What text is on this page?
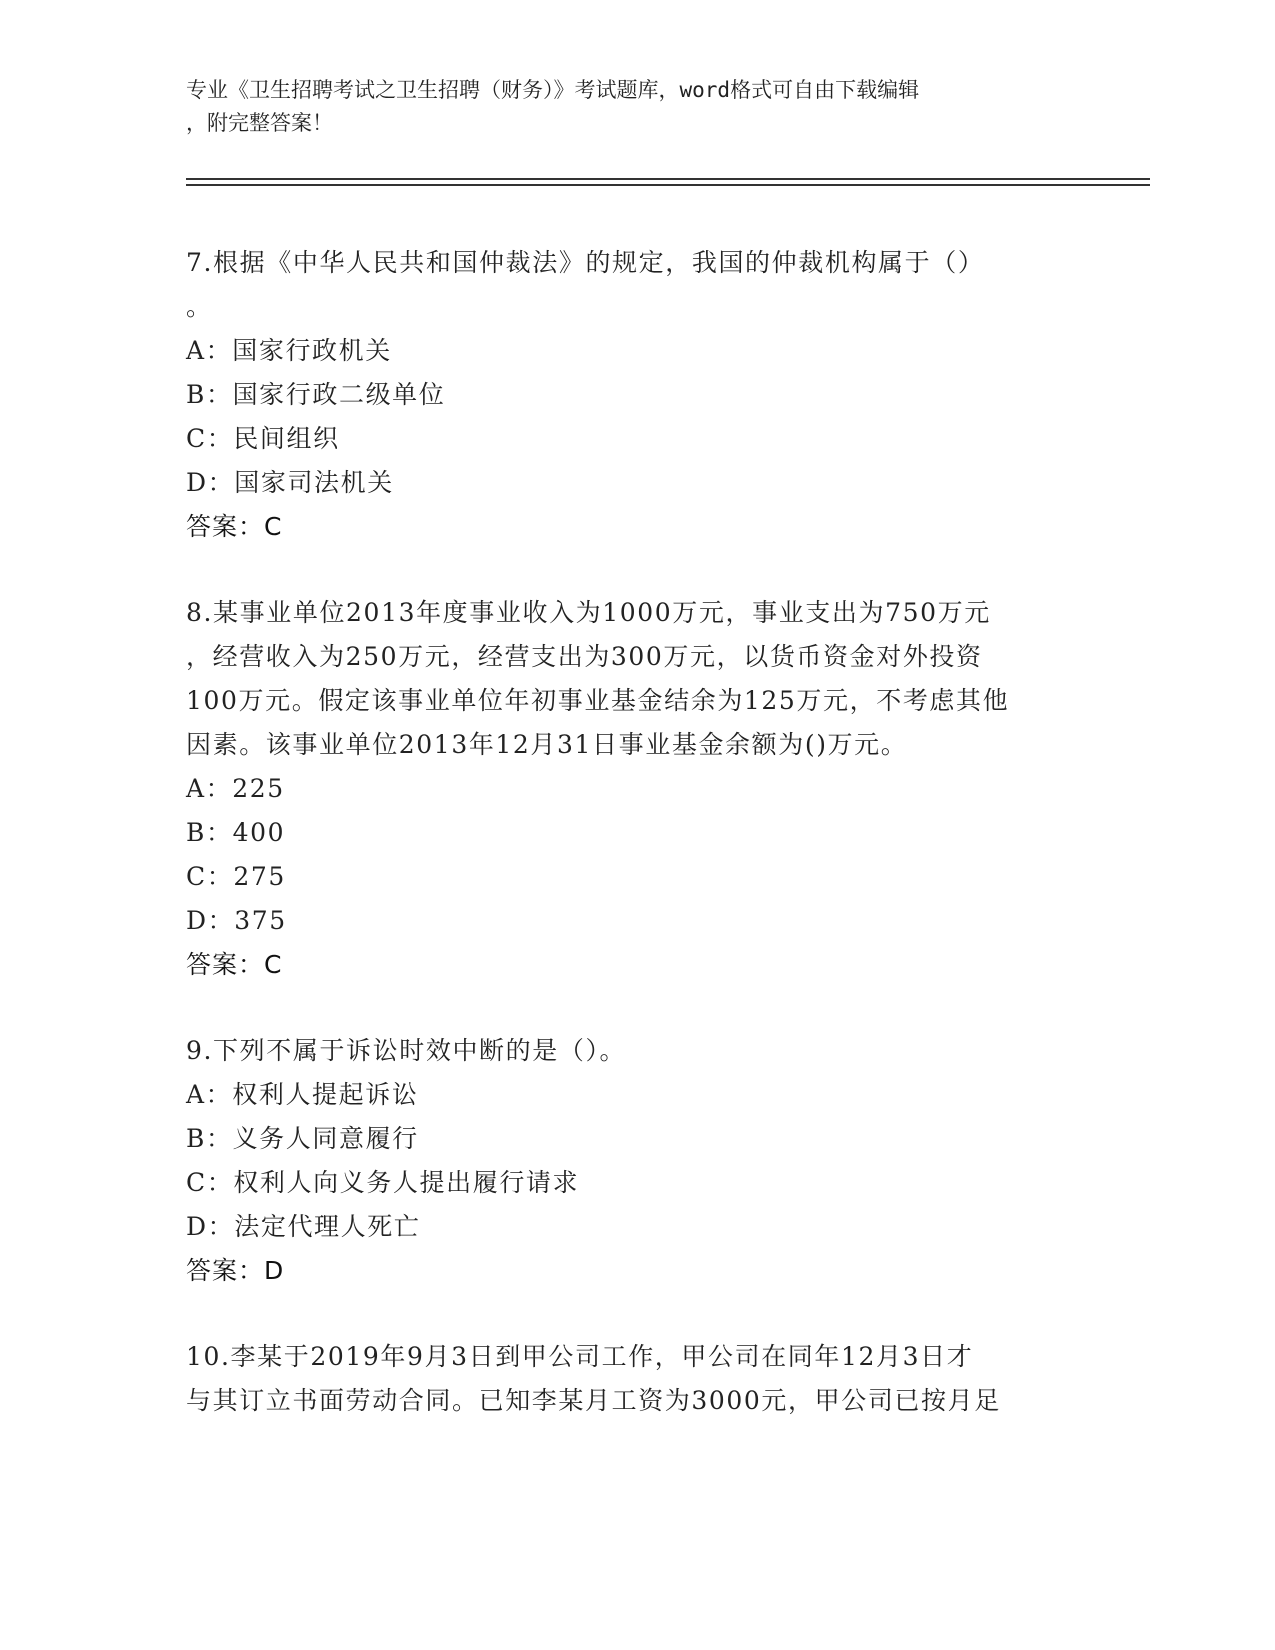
专业《卫生招聘考试之卫生招聘（财务）》考试题库，word格式可自由下载编辑
，附完整答案！
7.根据《中华人民共和国仲裁法》的规定，我国的仲裁机构属于（）
。
A：国家行政机关
B：国家行政二级单位
C：民间组织
D：国家司法机关
答案：C
8.某事业单位2013年度事业收入为1000万元，事业支出为750万元
，经营收入为250万元，经营支出为300万元，以货币资金对外投资
100万元。假定该事业单位年初事业基金结余为125万元，不考虑其他
因素。该事业单位2013年12月31日事业基金余额为()万元。
A：225
B：400
C：275
D：375
答案：C
9.下列不属于诉讼时效中断的是（）。
A：权利人提起诉讼
B：义务人同意履行
C：权利人向义务人提出履行请求
D：法定代理人死亡
答案：D
10.李某于2019年9月3日到甲公司工作，甲公司在同年12月3日才
与其订立书面劳动合同。已知李某月工资为3000元，甲公司已按月足
